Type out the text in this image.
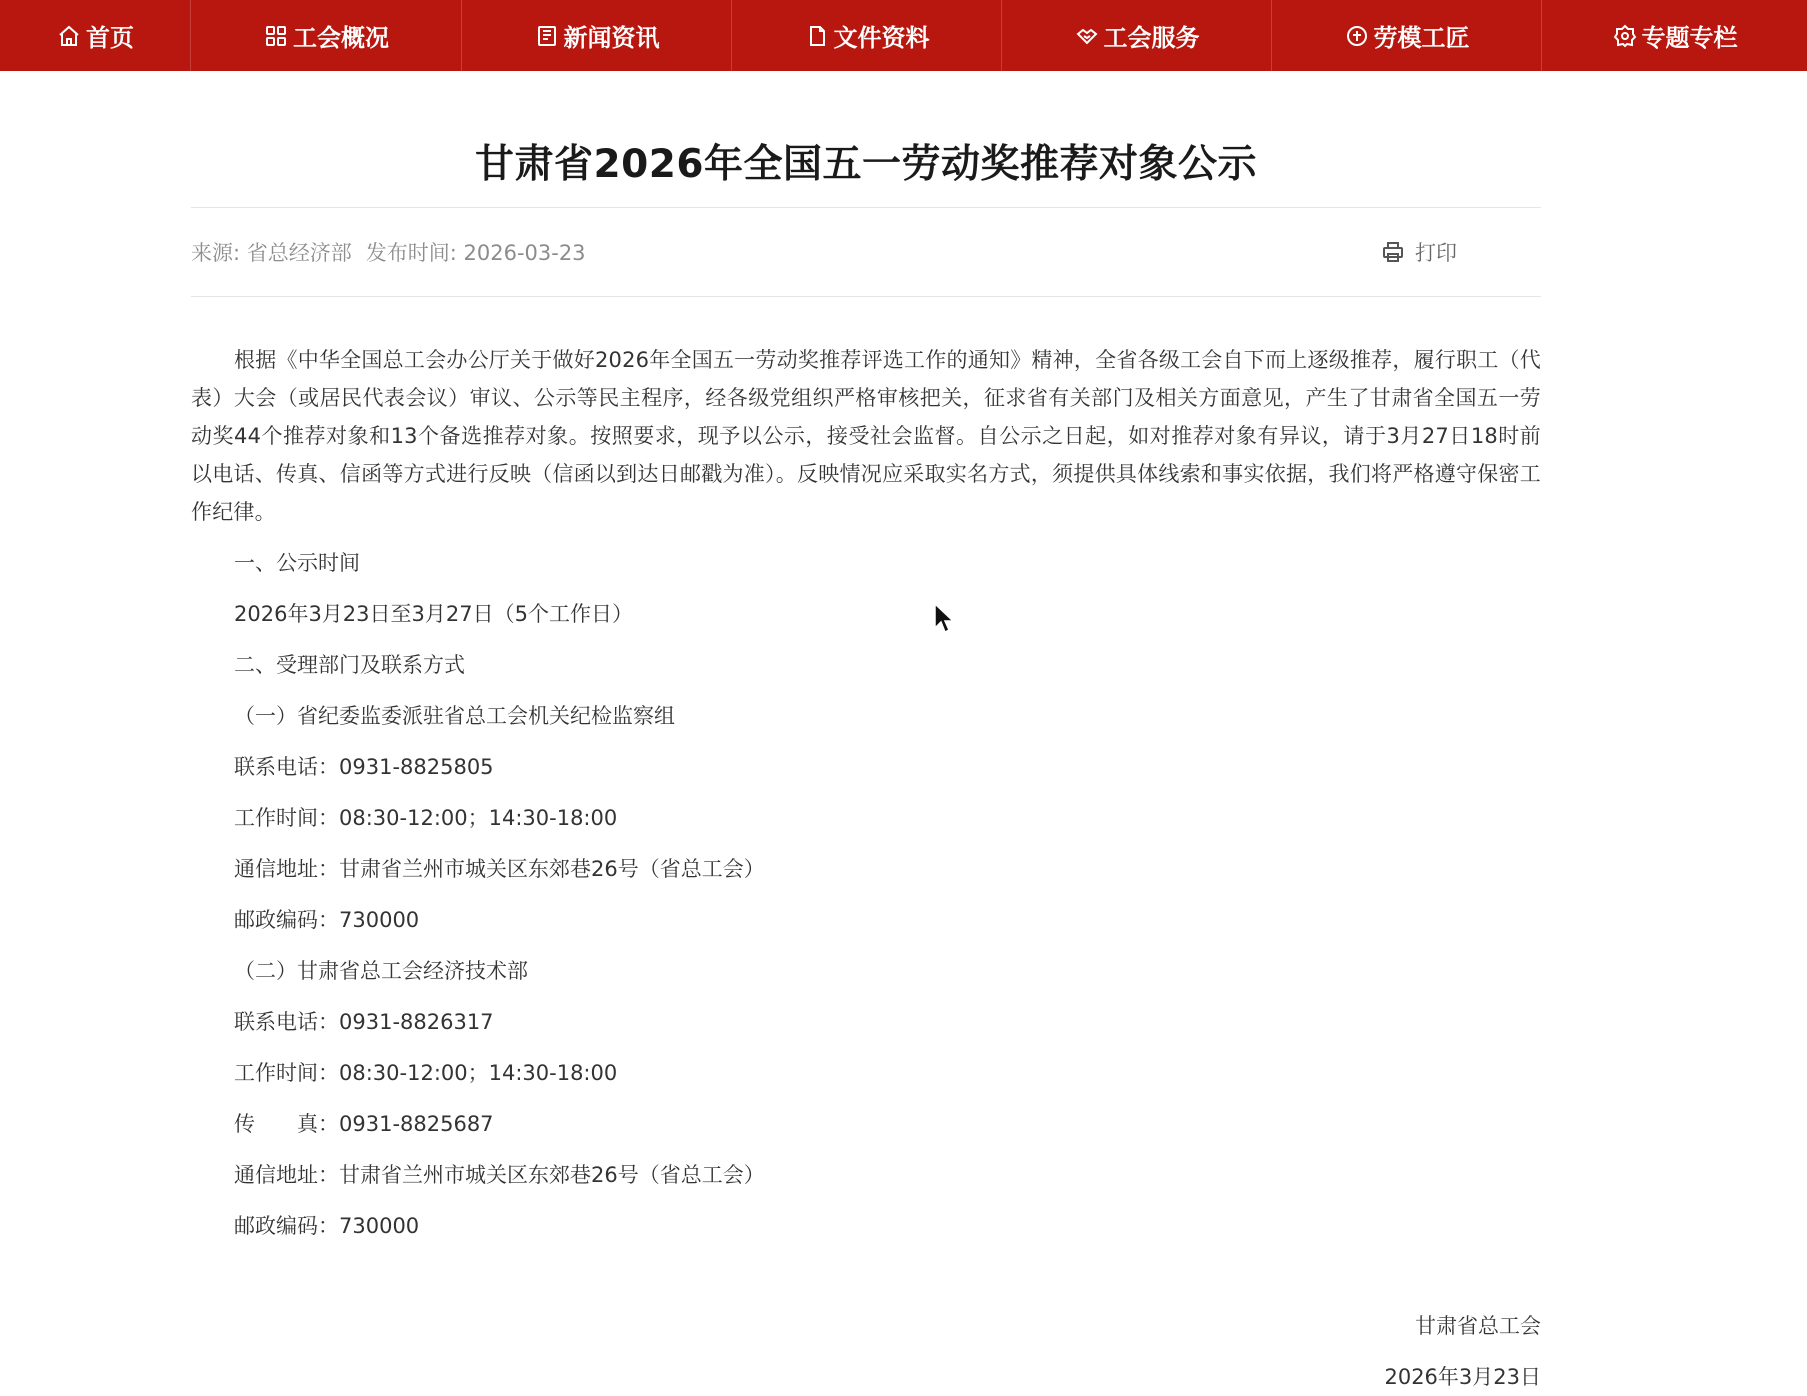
首页	工会概况	新闻资讯	文件资料	工会服务	劳模工匠	专题专栏
甘肃省2026年全国五一劳动奖推荐对象公示
来源: 省总经济部 发布时间: 2026-03-23	打印

根据《中华全国总工会办公厅关于做好2026年全国五一劳动奖推荐评选工作的通知》精神，全省各级工会自下而上逐级推荐，履行职工（代表）大会（或居民代表会议）审议、公示等民主程序，经各级党组织严格审核把关，征求省有关部门及相关方面意见，产生了甘肃省全国五一劳动奖44个推荐对象和13个备选推荐对象。按照要求，现予以公示，接受社会监督。自公示之日起，如对推荐对象有异议，请于3月27日18时前以电话、传真、信函等方式进行反映（信函以到达日邮戳为准）。反映情况应采取实名方式，须提供具体线索和事实依据，我们将严格遵守保密工作纪律。

一、公示时间

2026年3月23日至3月27日（5个工作日）

二、受理部门及联系方式

（一）省纪委监委派驻省总工会机关纪检监察组

联系电话：0931-8825805

工作时间：08:30-12:00；14:30-18:00

通信地址：甘肃省兰州市城关区东郊巷26号（省总工会）

邮政编码：730000

（二）甘肃省总工会经济技术部

联系电话：0931-8826317

工作时间：08:30-12:00；14:30-18:00

传　　真：0931-8825687

通信地址：甘肃省兰州市城关区东郊巷26号（省总工会）

邮政编码：730000

甘肃省总工会
2026年3月23日
